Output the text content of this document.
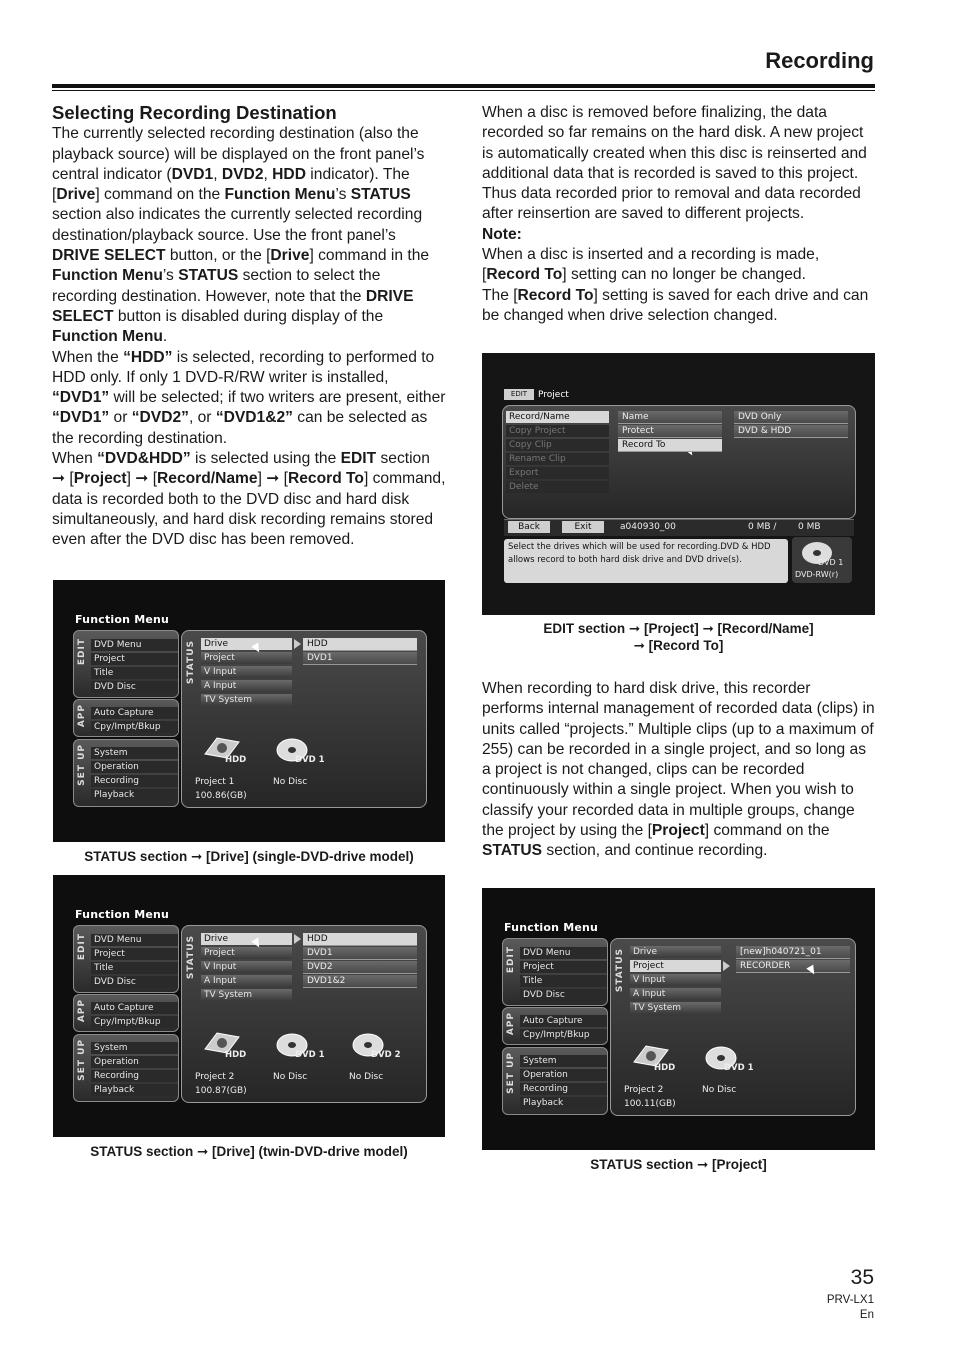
Recording
Selecting Recording Destination

The currently selected recording destination (also the playback source) will be displayed on the front panel’s central indicator (DVD1, DVD2, HDD indicator). The [Drive] command on the Function Menu’s STATUS section also indicates the currently selected recording destination/playback source. Use the front panel’s DRIVE SELECT button, or the [Drive] command in the Function Menu’s STATUS section to select the recording destination. However, note that the DRIVE SELECT button is disabled during display of the Function Menu.

When the “HDD” is selected, recording to performed to HDD only. If only 1 DVD-R/RW writer is installed, “DVD1” will be selected; if two writers are present, either “DVD1” or “DVD2”, or “DVD1&2” can be selected as the recording destination.

When “DVD&HDD” is selected using the EDIT section ➞ [Project] ➞ [Record/Name] ➞ [Record To] command, data is recorded both to the DVD disc and hard disk simultaneously, and hard disk recording remains stored even after the DVD disc has been removed.

Function Menu
EDIT
APP
SET UP
DVD Menu
Project
Title
DVD Disc
Auto Capture
Cpy/Impt/Bkup
System
Operation
Recording
Playback
STATUS Drive
Project
V Input
A Input
TV System
HDD
DVD1
HDD
Project 1
100.86(GB)
DVD 1
No Disc
STATUS section ➞ [Drive] (single-DVD-drive model)
Function Menu
EDIT
APP
SET UP
DVD Menu
Project
Title
DVD Disc
Auto Capture
Cpy/Impt/Bkup
System
Operation
Recording
Playback
STATUS Drive
Project
V Input
A Input
TV System
HDD
DVD1
DVD2
DVD1&2
HDD
Project 2
100.87(GB)
DVD 1
No Disc
DVD 2
No Disc
STATUS section ➞ [Drive] (twin-DVD-drive model)

When a disc is removed before finalizing, the data recorded so far remains on the hard disk. A new project is automatically created when this disc is reinserted and additional data that is recorded is saved to this project. Thus data recorded prior to removal and data recorded after reinsertion are saved to different projects.

Note:

When a disc is inserted and a recording is made, [Record To] setting can no longer be changed.

The [Record To] setting is saved for each drive and can be changed when drive selection changed.

EDIT	Project
Back	Exit	a040930_00	0 MB / 0 MB
Select the drives which will be used for recording.DVD & HDD allows record to both hard disk drive and DVD drive(s).	DVD 1
DVD-RW(r)
Record/Name
Copy Project
Copy Clip
Rename Clip
Export
Delete
Name
Protect
Record To
DVD Only
DVD & HDD
EDIT section ➞ [Project] ➞ [Record/Name]
➞ [Record To]
When recording to hard disk drive, this recorder performs internal management of recorded data (clips) in units called “projects.” Multiple clips (up to a maximum of 255) can be recorded in a single project, and so long as a project is not changed, clips can be recorded continuously within a single project. When you wish to classify your recorded data in multiple groups, change the project by using the [Project] command on the STATUS section, and continue recording.
Function Menu
EDIT
APP
SET UP
DVD Menu
Project
Title
DVD Disc
Auto Capture
Cpy/Impt/Bkup
System
Operation
Recording
Playback
STATUS Drive
Project
V Input
A Input
TV System
[new]h040721_01
RECORDER
HDD
Project 2
100.11(GB)
DVD 1
No Disc
STATUS section ➞ [Project]
35
PRV-LX1
En
